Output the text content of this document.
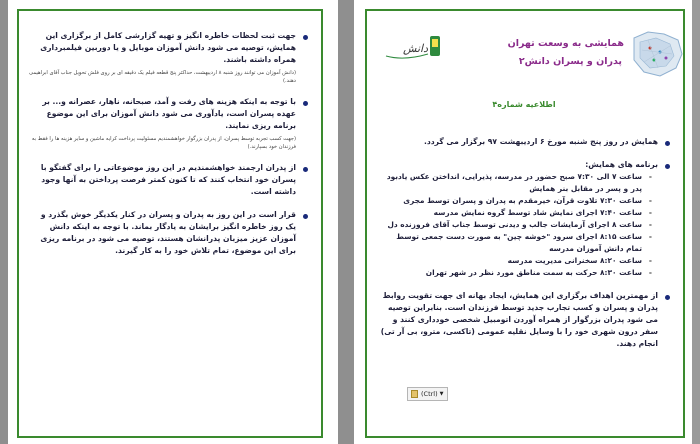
جهت ثبت لحظات خاطره انگیز و تهیه گزارشی کامل از برگزاری این همایش، توصیه می شود دانش آموزان موبایل و یا دوربین فیلمبرداری همراه داشته باشند.
(دانش آموزان می توانند روز شنبه ۸ اردیبهشت، حداکثر پنج قطعه فیلم یک دقیقه ای بر روی فلش تحویل جناب آقای ابراهیمی دهند.)
با توجه به اینکه هزینه های رفت و آمد، صبحانه، ناهار، عصرانه و... بر عهده پسران است، یادآوری می شود دانش آموزان برای این موضوع برنامه ریزی نمایند.
(جهت کسب تجربه توسط پسران، از پدران بزرگوار خواهشمندیم مسئولیت پرداخت کرایه ماشین و سایر هزینه ها را فقط به فرزندان خود بسپارند.)
از پدران ارجمند خواهشمندیم در این روز موضوعاتی را برای گفتگو با پسران خود انتخاب کنند که تا کنون کمتر فرصت پرداختن به آنها وجود داشته است.
قرار است در این روز به پدران و پسران در کنار یکدیگر خوش بگذرد و یک روز خاطره انگیز برایشان به یادگار بماند. با توجه به اینکه دانش آموزان عزیز میزبان پدرانشان هستند، توصیه می شود در برنامه ریزی برای این موضوع، تمام تلاش خود را به کار گیرند.
همایشی به وسعت تهران
پدران و پسران دانش۲
دانش
اطلاعیه شماره۴
همایش در روز پنج شنبه مورخ ۶ اردیبهشت ۹۷ برگزار می گردد.
برنامه های همایش:
- ساعت ۷ الی ۷:۳۰ صبح حضور در مدرسه، پذیرایی، انداختن عکس یادبود پدر و پسر در مقابل بنر همایش
- ساعت ۷:۳۰ تلاوت قرآن، خیرمقدم به پدران و پسران توسط مجری
- ساعت ۷:۴۰ اجرای نمایش شاد توسط گروه نمایش مدرسه
- ساعت ۸ اجرای آزمایشات جالب و دیدنی توسط جناب آقای فروزنده دل
- ساعت ۸:۱۵ اجرای سرود "خوشه چین" به صورت دست جمعی توسط تمام دانش آموزان مدرسه
- ساعت ۸:۲۰ سخنرانی مدیریت مدرسه
- ساعت ۸:۳۰ حرکت به سمت مناطق مورد نظر در شهر تهران
از مهمترین اهداف برگزاری این همایش، ایجاد بهانه ای جهت تقویت روابط پدران و پسران و کسب تجارب جدید توسط فرزندان است. بنابراین توصیه می شود پدران بزرگوار از همراه آوردن اتومبیل شخصی خودداری کنند و سفر درون شهری خود را با وسایل نقلیه عمومی (تاکسی، مترو، بی آر تی) انجام دهند.
(Ctrl) ▼
